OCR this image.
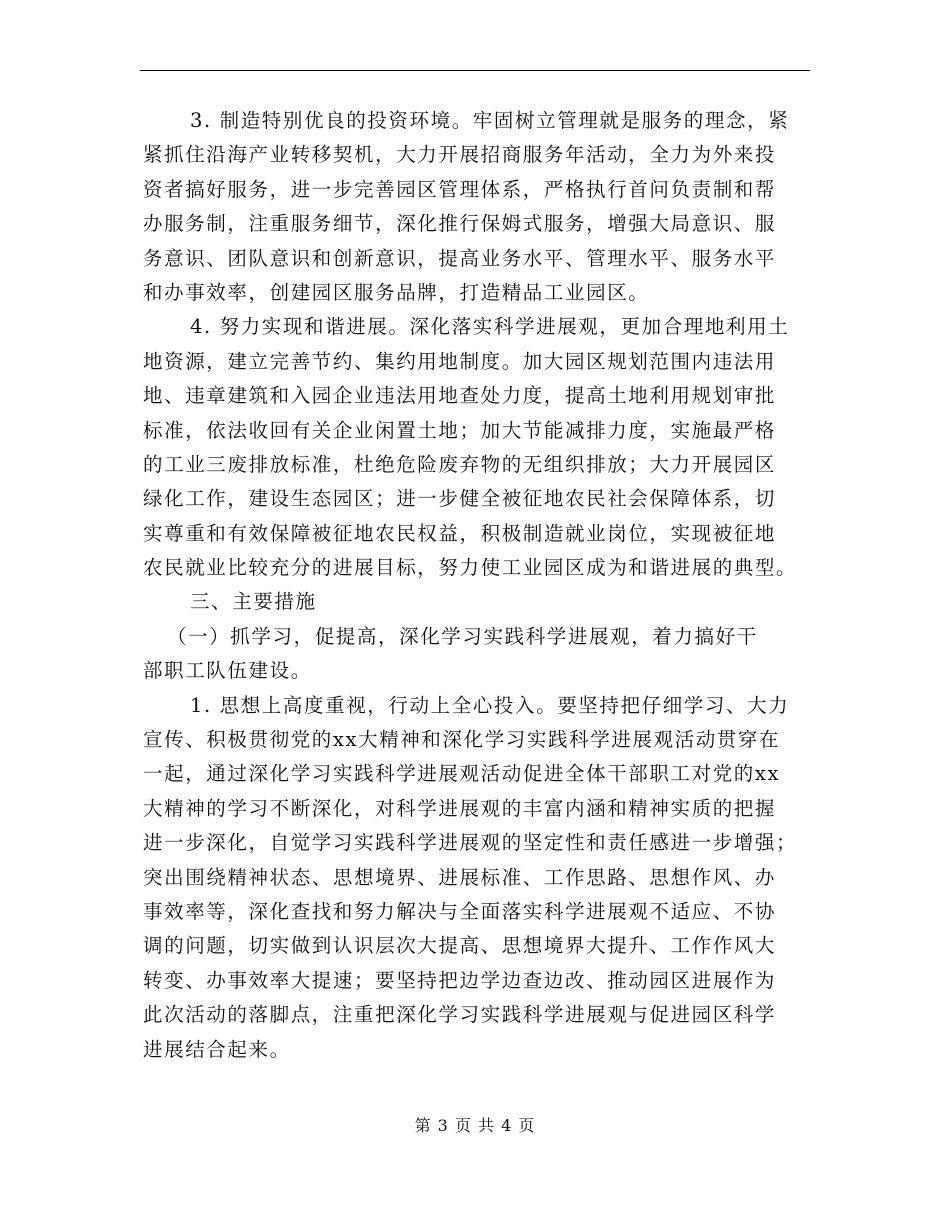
3. 制造特别优良的投资环境。牢固树立管理就是服务的理念，紧
紧抓住沿海产业转移契机，大力开展招商服务年活动，全力为外来投
资者搞好服务，进一步完善园区管理体系，严格执行首问负责制和帮
办服务制，注重服务细节，深化推行保姆式服务，增强大局意识、服
务意识、团队意识和创新意识，提高业务水平、管理水平、服务水平
和办事效率，创建园区服务品牌，打造精品工业园区。
4. 努力实现和谐进展。深化落实科学进展观，更加合理地利用土
地资源，建立完善节约、集约用地制度。加大园区规划范围内违法用
地、违章建筑和入园企业违法用地查处力度，提高土地利用规划审批
标准，依法收回有关企业闲置土地；加大节能减排力度，实施最严格
的工业三废排放标准，杜绝危险废弃物的无组织排放；大力开展园区
绿化工作，建设生态园区；进一步健全被征地农民社会保障体系，切
实尊重和有效保障被征地农民权益，积极制造就业岗位，实现被征地
农民就业比较充分的进展目标，努力使工业园区成为和谐进展的典型。
三、主要措施
（一）抓学习，促提高，深化学习实践科学进展观，着力搞好干
部职工队伍建设。
1. 思想上高度重视，行动上全心投入。要坚持把仔细学习、大力
宣传、积极贯彻党的xx大精神和深化学习实践科学进展观活动贯穿在
一起，通过深化学习实践科学进展观活动促进全体干部职工对党的xx
大精神的学习不断深化，对科学进展观的丰富内涵和精神实质的把握
进一步深化，自觉学习实践科学进展观的坚定性和责任感进一步增强；
突出围绕精神状态、思想境界、进展标准、工作思路、思想作风、办
事效率等，深化查找和努力解决与全面落实科学进展观不适应、不协
调的问题，切实做到认识层次大提高、思想境界大提升、工作作风大
转变、办事效率大提速；要坚持把边学边查边改、推动园区进展作为
此次活动的落脚点，注重把深化学习实践科学进展观与促进园区科学
进展结合起来。
第 3 页 共 4 页
